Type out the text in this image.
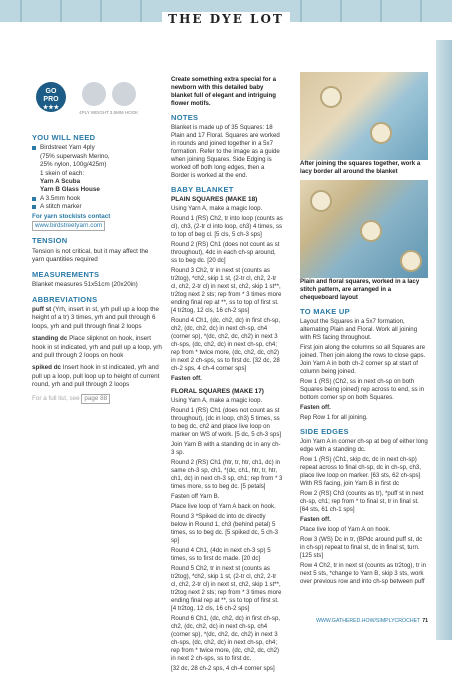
THE DYE LOT
GO
PRO
★★★
4PLY WEIGHT 3.5MM HOOK
YOU WILL NEED
Birdstreet Yarn 4ply
(75% superwash Merino,
25% nylon, 100g/425m)
1 skein of each:
Yarn A Scuba
Yarn B Glass House
A 3.5mm hook
A stitch marker

For yarn stockists contact
www.birdstreetyarn.com

TENSION

Tension is not critical, but it may affect the yarn quantities required

MEASUREMENTS

Blanket measures 51x51cm (20x20in)

ABBREVIATIONS

puff st (Yrh, insert in st, yrh pull up a loop the height of a tr) 3 times, yrh and pull through 6 loops, yrh and pull through final 2 loops

standing dc Place slipknot on hook, insert hook in st indicated, yrh and pull up a loop, yrh and pull through 2 loops on hook

spiked dc Insert hook in st indicated, yrh and pull up a loop, pull loop up to height of current round, yrh and pull through 2 loops

For a full list, see page 88

Create something extra special for a newborn with this detailed baby blanket full of elegant and intriguing flower motifs.

NOTES

Blanket is made up of 35 Squares: 18 Plain and 17 Floral. Squares are worked in rounds and joined together in a 5x7 formation. Refer to the image as a guide when joining Squares. Side Edging is worked off both long edges, then a Border is worked at the end.

BABY BLANKET
PLAIN SQUARES (MAKE 18)

Using Yarn A, make a magic loop.

Round 1 (RS) Ch2, tr into loop (counts as cl), ch3, (2-tr cl into loop, ch3) 4 times, ss to top of beg cl. [5 cls, 5 ch-3 sps]

Round 2 (RS) Ch1 (does not count as st throughout), 4dc in each ch-sp around, ss to beg dc. [20 dc]

Round 3 Ch2, tr in next st (counts as tr2tog), *ch2, skip 1 st, (2-tr cl, ch2, 2-tr cl, ch2, 2-tr cl) in next st, ch2, skip 1 st**, tr2tog next 2 sts; rep from * 3 times more ending final rep at **, ss to top of first st. [4 tr2tog, 12 cls, 16 ch-2 sps]

Round 4 Ch1, (dc, ch2, dc) in first ch-sp, ch2, (dc, ch2, dc) in next ch-sp, ch4 (corner sp), *(dc, ch2, dc, ch2) in next 3 ch-sps, (dc, ch2, dc) in next ch-sp, ch4; rep from * twice more, (dc, ch2, dc, ch2) in next 2 ch-sps, ss to first dc. [32 dc, 28 ch-2 sps, 4 ch-4 corner sps]

Fasten off.

FLORAL SQUARES (MAKE 17)

Using Yarn A, make a magic loop.

Round 1 (RS) Ch1 (does not count as st throughout), (dc in loop, ch3) 5 times, ss to beg dc, ch2 and place live loop on marker on WS of work. [5 dc, 5 ch-3 sps]

Join Yarn B with a standing dc in any ch-3 sp.

Round 2 (RS) Ch1 (htr, tr, htr, ch1, dc) in same ch-3 sp, ch1, *(dc, ch1, htr, tr, htr, ch1, dc) in next ch-3 sp, ch1; rep from * 3 times more, ss to beg dc. [5 petals]

Fasten off Yarn B.

Place live loop of Yarn A back on hook.

Round 3 *Spiked dc into dc directly below in Round 1, ch3 (behind petal) 5 times, ss to beg dc. [5 spiked dc, 5 ch-3 sp]

Round 4 Ch1, (4dc in next ch-3 sp) 5 times, ss to first dc made. [20 dc]

Round 5 Ch2, tr in next st (counts as tr2tog), *ch2, skip 1 st, (2-tr cl, ch2, 2-tr cl, ch2, 2-tr cl) in next st, ch2, skip 1 st**, tr2tog next 2 sts; rep from * 3 times more ending final rep at **, ss to top of first st. [4 tr2tog, 12 cls, 16 ch-2 sps]

Round 6 Ch1, (dc, ch2, dc) in first ch-sp, ch2, (dc, ch2, dc) in next ch-sp, ch4 (corner sp), *(dc, ch2, dc, ch2) in next 3 ch-sps, (dc, ch2, dc) in next ch-sp, ch4; rep from * twice more, (dc, ch2, dc, ch2) in next 2 ch-sps, ss to first dc.

[32 dc, 28 ch-2 sps, 4 ch-4 corner sps]

After joining the squares together, work a lacy border all around the blanket

Plain and floral squares, worked in a lacy stitch pattern, are arranged in a chequeboard layout

TO MAKE UP

Layout the Squares in a 5x7 formation, alternating Plain and Floral. Work all joining with RS facing throughout.

First join along the columns so all Squares are joined. Then join along the rows to close gaps. Join Yarn A in both ch-2 corner sp at start of column being joined.

Row 1 (RS) (Ch2, ss in next ch-sp on both Squares being joined) rep across to end, ss in bottom corner sp on both Squares.

Fasten off.

Rep Row 1 for all joining.

SIDE EDGES

Join Yarn A in corner ch-sp at beg of either long edge with a standing dc.

Row 1 (RS) (Ch1, skip dc, dc in next ch-sp) repeat across to final ch-sp, dc in ch-sp, ch3, place live loop on marker. [63 sts, 62 ch-sps] With RS facing, join Yarn B in first dc

Row 2 (RS) Ch3 (counts as tr), *puff st in next ch-sp, ch1; rep from * to final st, tr in final st. [64 sts, 61 ch-1 sps]

Fasten off.

Place live loop of Yarn A on hook.

Row 3 (WS) Dc in tr, (BPdc around puff st, dc in ch-sp) repeat to final st, dc in final st, turn. [125 sts]

Row 4 Ch2, tr in next st (counts as tr2tog), tr in next 5 sts, *change to Yarn B, skip 3 sts, work over previous row and into ch-sp between puff

WWW.GATHERED.HOW/SIMPLYCROCHET 71
